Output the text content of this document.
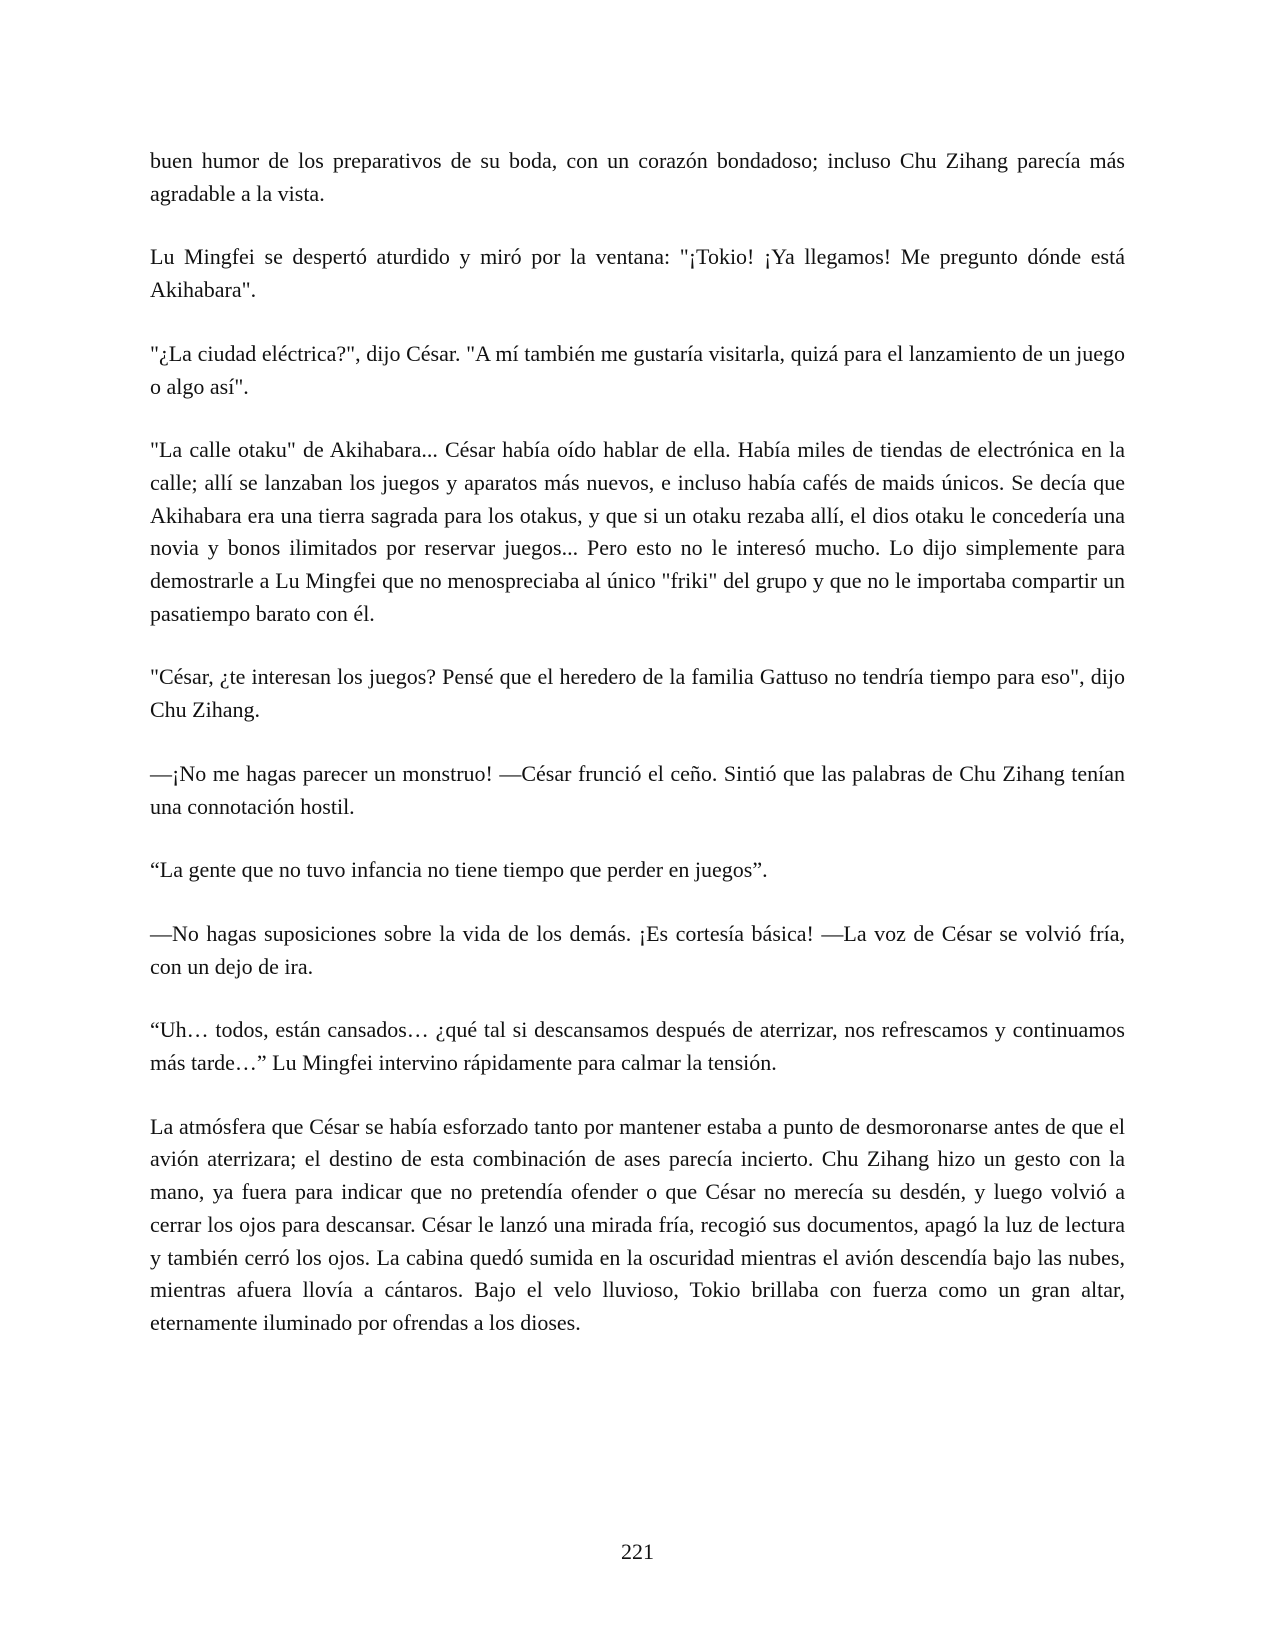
buen humor de los preparativos de su boda, con un corazón bondadoso; incluso Chu Zihang parecía más agradable a la vista.

Lu Mingfei se despertó aturdido y miró por la ventana: "¡Tokio! ¡Ya llegamos! Me pregunto dónde está Akihabara".

"¿La ciudad eléctrica?", dijo César. "A mí también me gustaría visitarla, quizá para el lanzamiento de un juego o algo así".

"La calle otaku" de Akihabara... César había oído hablar de ella. Había miles de tiendas de electrónica en la calle; allí se lanzaban los juegos y aparatos más nuevos, e incluso había cafés de maids únicos. Se decía que Akihabara era una tierra sagrada para los otakus, y que si un otaku rezaba allí, el dios otaku le concedería una novia y bonos ilimitados por reservar juegos... Pero esto no le interesó mucho. Lo dijo simplemente para demostrarle a Lu Mingfei que no menospreciaba al único "friki" del grupo y que no le importaba compartir un pasatiempo barato con él.

"César, ¿te interesan los juegos? Pensé que el heredero de la familia Gattuso no tendría tiempo para eso", dijo Chu Zihang.

—¡No me hagas parecer un monstruo! —César frunció el ceño. Sintió que las palabras de Chu Zihang tenían una connotación hostil.

“La gente que no tuvo infancia no tiene tiempo que perder en juegos”.

—No hagas suposiciones sobre la vida de los demás. ¡Es cortesía básica! —La voz de César se volvió fría, con un dejo de ira.

“Uh… todos, están cansados… ¿qué tal si descansamos después de aterrizar, nos refrescamos y continuamos más tarde…” Lu Mingfei intervino rápidamente para calmar la tensión.

La atmósfera que César se había esforzado tanto por mantener estaba a punto de desmoronarse antes de que el avión aterrizara; el destino de esta combinación de ases parecía incierto. Chu Zihang hizo un gesto con la mano, ya fuera para indicar que no pretendía ofender o que César no merecía su desdén, y luego volvió a cerrar los ojos para descansar. César le lanzó una mirada fría, recogió sus documentos, apagó la luz de lectura y también cerró los ojos. La cabina quedó sumida en la oscuridad mientras el avión descendía bajo las nubes, mientras afuera llovía a cántaros. Bajo el velo lluvioso, Tokio brillaba con fuerza como un gran altar, eternamente iluminado por ofrendas a los dioses.

221
